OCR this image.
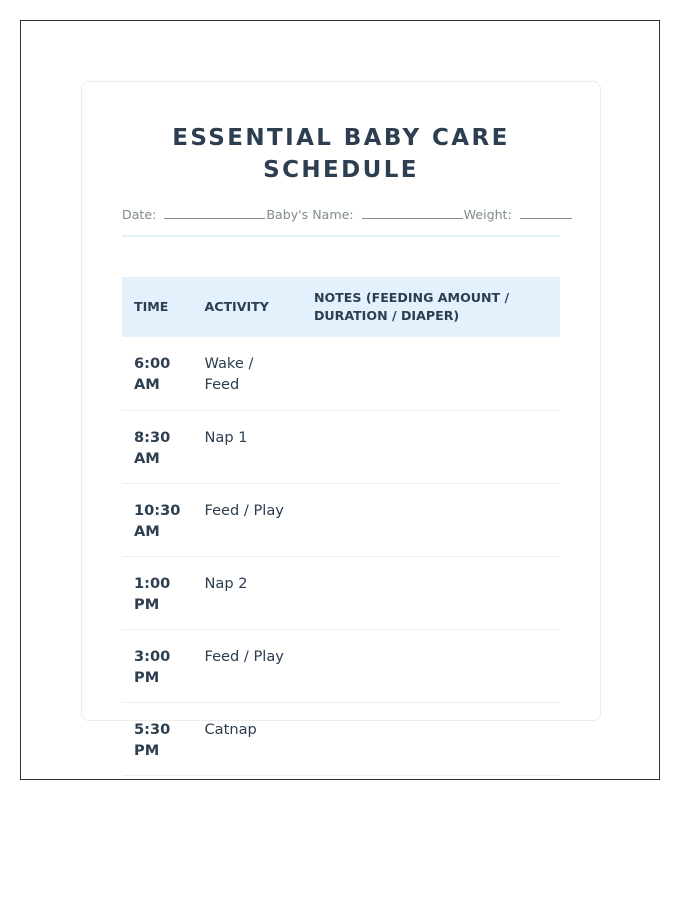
ESSENTIAL BABY CARE SCHEDULE
Date:	Baby's Name:	Weight:
TIME	ACTIVITY	NOTES (FEEDING AMOUNT / DURATION / DIAPER)
6:00 AM	Wake / Feed	
8:30 AM	Nap 1	
10:30 AM	Feed / Play	
1:00 PM	Nap 2	
3:00 PM	Feed / Play	
5:30 PM	Catnap	
